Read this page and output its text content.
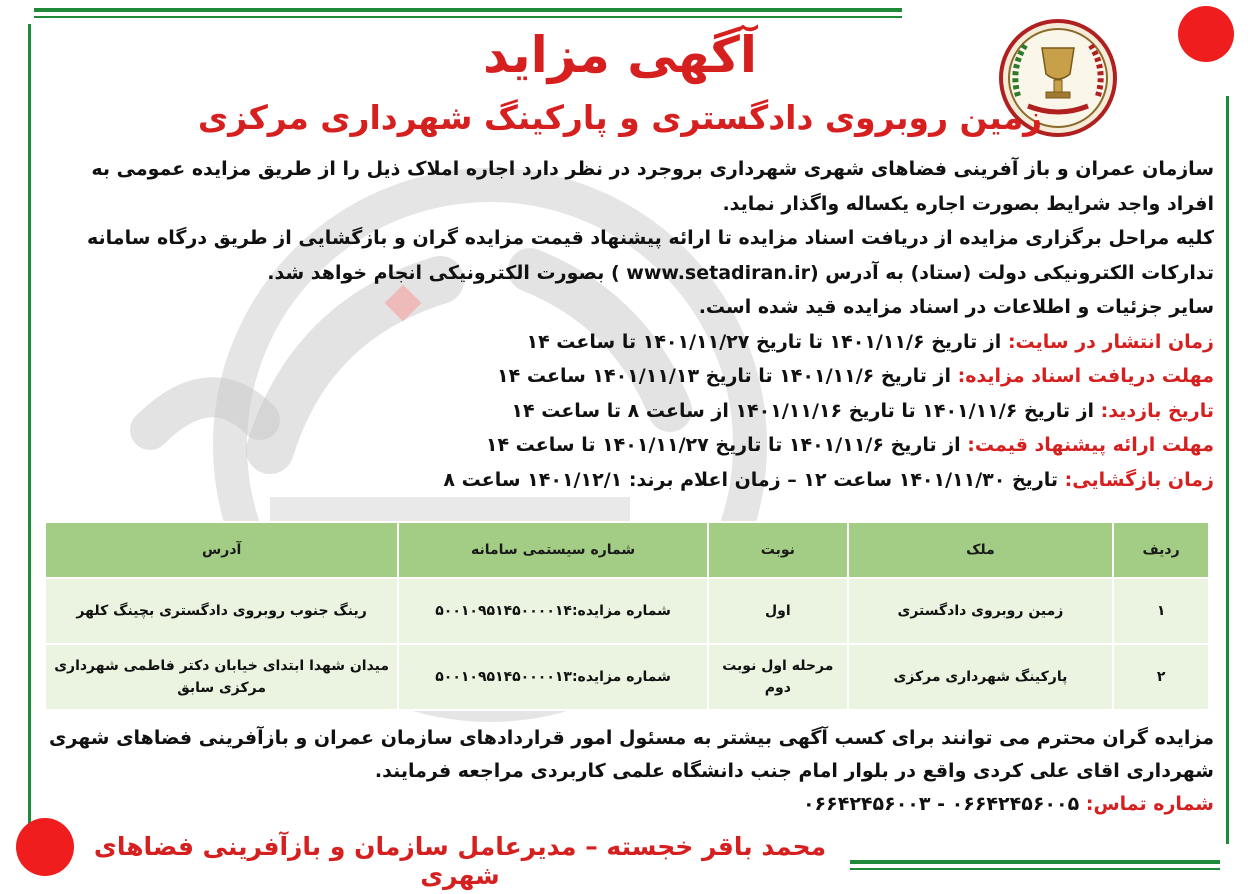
آگهی مزاید
زمین روبروی دادگستری و پارکینگ شهرداری مرکزی

سازمان عمران و باز آفرینی فضاهای شهری شهرداری بروجرد در نظر دارد اجاره املاک ذیل را از طریق مزایده عمومی به افراد واجد شرایط بصورت اجاره یکساله واگذار نماید.

کلیه مراحل برگزاری مزایده از دریافت اسناد مزایده تا ارائه پیشنهاد قیمت مزایده گران و بازگشایی از طریق درگاه سامانه تدارکات الکترونیکی دولت (ستاد) به آدرس (www.setadiran.ir ) بصورت الکترونیکی انجام خواهد شد.

سایر جزئیات و اطلاعات در اسناد مزایده قید شده است.

زمان انتشار در سایت: از تاریخ ۱۴۰۱/۱۱/۶ تا تاریخ ۱۴۰۱/۱۱/۲۷ تا ساعت ۱۴

مهلت دریافت اسناد مزایده: از تاریخ ۱۴۰۱/۱۱/۶ تا تاریخ ۱۴۰۱/۱۱/۱۳ ساعت ۱۴

تاریخ بازدید: از تاریخ ۱۴۰۱/۱۱/۶ تا تاریخ ۱۴۰۱/۱۱/۱۶ از ساعت ۸ تا ساعت ۱۴

مهلت ارائه پیشنهاد قیمت: از تاریخ ۱۴۰۱/۱۱/۶ تا تاریخ ۱۴۰۱/۱۱/۲۷ تا ساعت ۱۴

زمان بازگشایی: تاریخ ۱۴۰۱/۱۱/۳۰ ساعت ۱۲ – زمان اعلام برند: ۱۴۰۱/۱۲/۱ ساعت ۸

ردیف	ملک	نوبت	شماره سیستمی سامانه	آدرس
۱	زمین روبروی دادگستری	اول	شماره مزایده:۵۰۰۱۰۹۵۱۴۵۰۰۰۰۱۴	رینگ جنوب روبروی دادگستری بچینگ کلهر
۲	پارکینگ شهرداری مرکزی	مرحله اول نوبت دوم	شماره مزایده:۵۰۰۱۰۹۵۱۴۵۰۰۰۰۱۳	میدان شهدا ابتدای خیابان دکتر فاطمی شهرداری مرکزی سابق

مزایده گران محترم می توانند برای کسب آگهی بیشتر به مسئول امور قراردادهای سازمان عمران و بازآفرینی فضاهای شهری شهرداری اقای علی کردی واقع در بلوار امام جنب دانشگاه علمی کاربردی مراجعه فرمایند.

شماره تماس: ۰۶۶۴۲۴۵۶۰۰۵ - ۰۶۶۴۲۴۵۶۰۰۳

محمد باقر خجسته – مدیرعامل سازمان و بازآفرینی فضاهای شهری
